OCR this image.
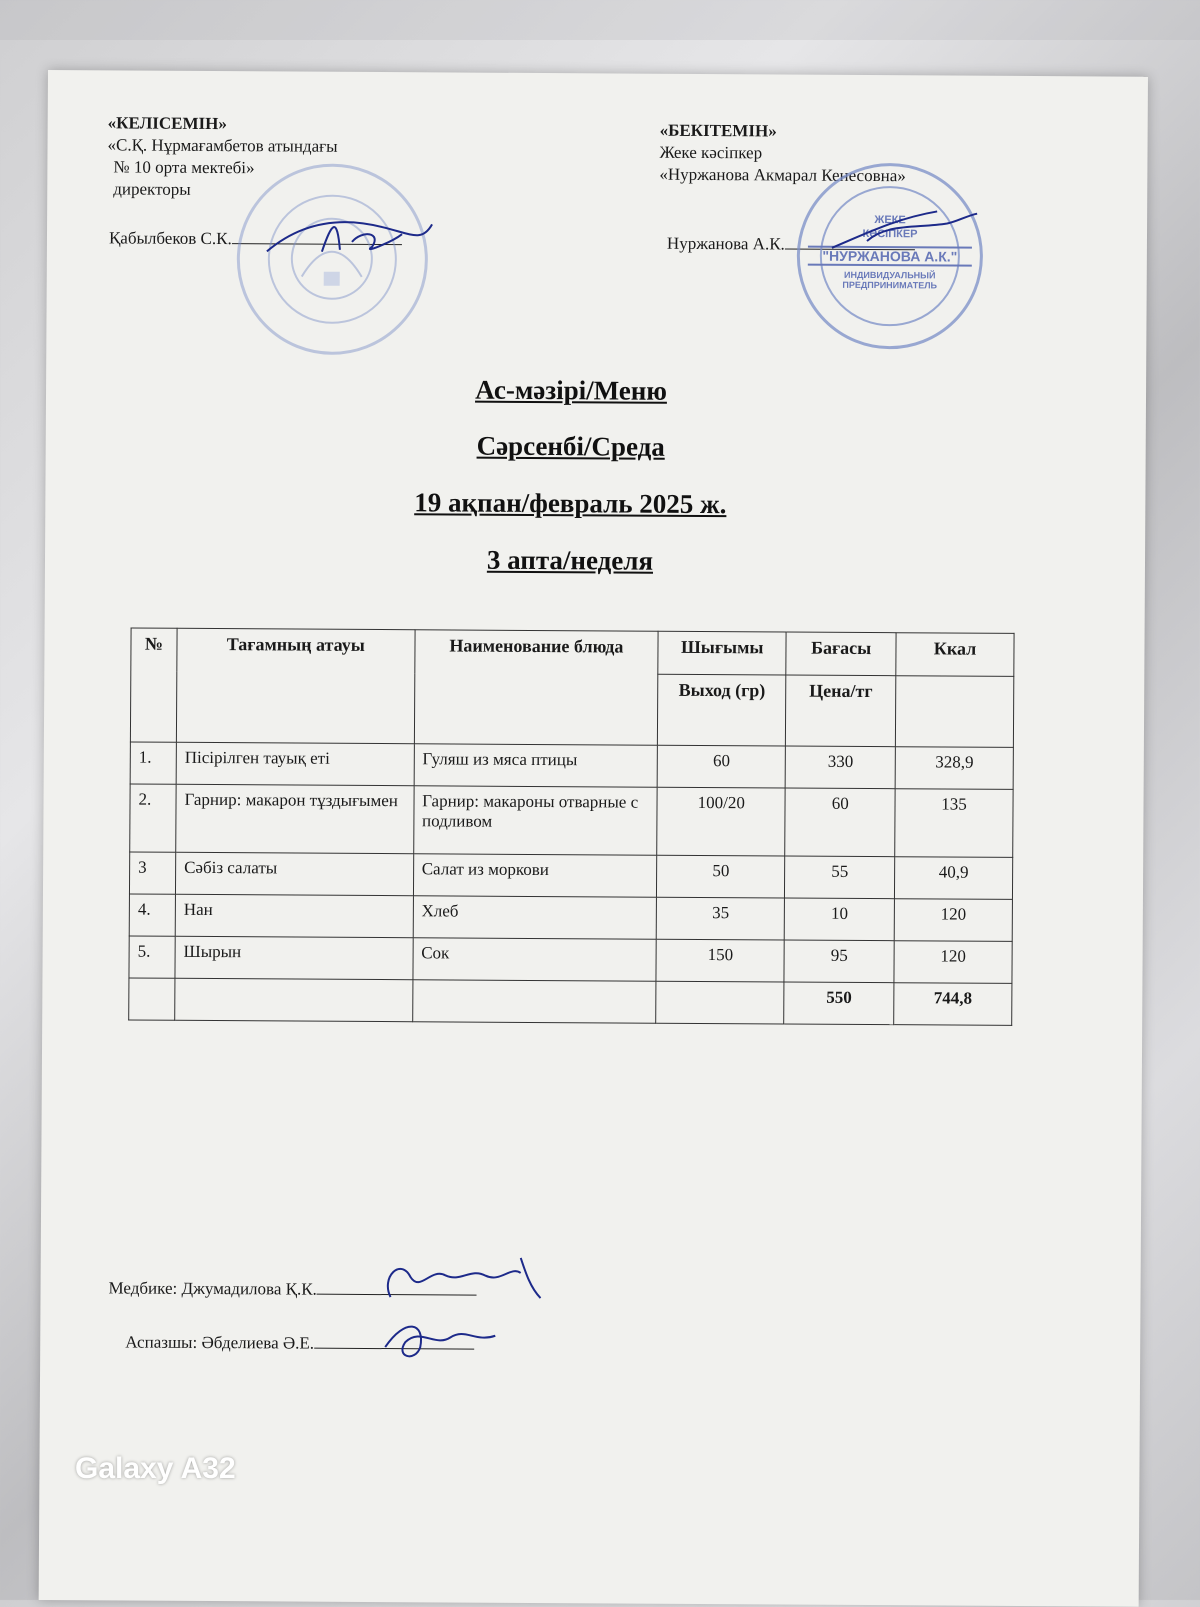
«КЕЛІСЕМІН»
«С.Қ. Нұрмағамбетов атындағы
№ 10 орта мектебі»
директоры
Қабылбеков С.К.
«БЕКІТЕМІН»
Жеке кәсіпкер
«Нуржанова Акмарал Кенесовна»
Нуржанова А.К.
ЖЕКЕ
КӘСІПКЕР
"НУРЖАНОВА А.К."
ИНДИВИДУАЛЬНЫЙ ПРЕДПРИНИМАТЕЛЬ
Ас-мәзірі/Меню
Сәрсенбі/Среда
19 ақпан/февраль 2025 ж.
3 апта/неделя
№	Тағамның атауы	Наименование блюда	Шығымы	Бағасы	Ккал
			Выход (гр)	Цена/тг	
1.	Пісірілген тауық еті	Гуляш из мяса птицы	60	330	328,9
2.	Гарнир: макарон тұздығымен	Гарнир: макароны отварные с подливом	100/20	60	135
3	Сәбіз салаты	Салат из моркови	50	55	40,9
4.	Нан	Хлеб	35	10	120
5.	Шырын	Сок	150	95	120
				550	744,8
Медбике: Джумадилова Қ.К.
Аспазшы: Әбделиева Ә.Е.
Galaxy A32
